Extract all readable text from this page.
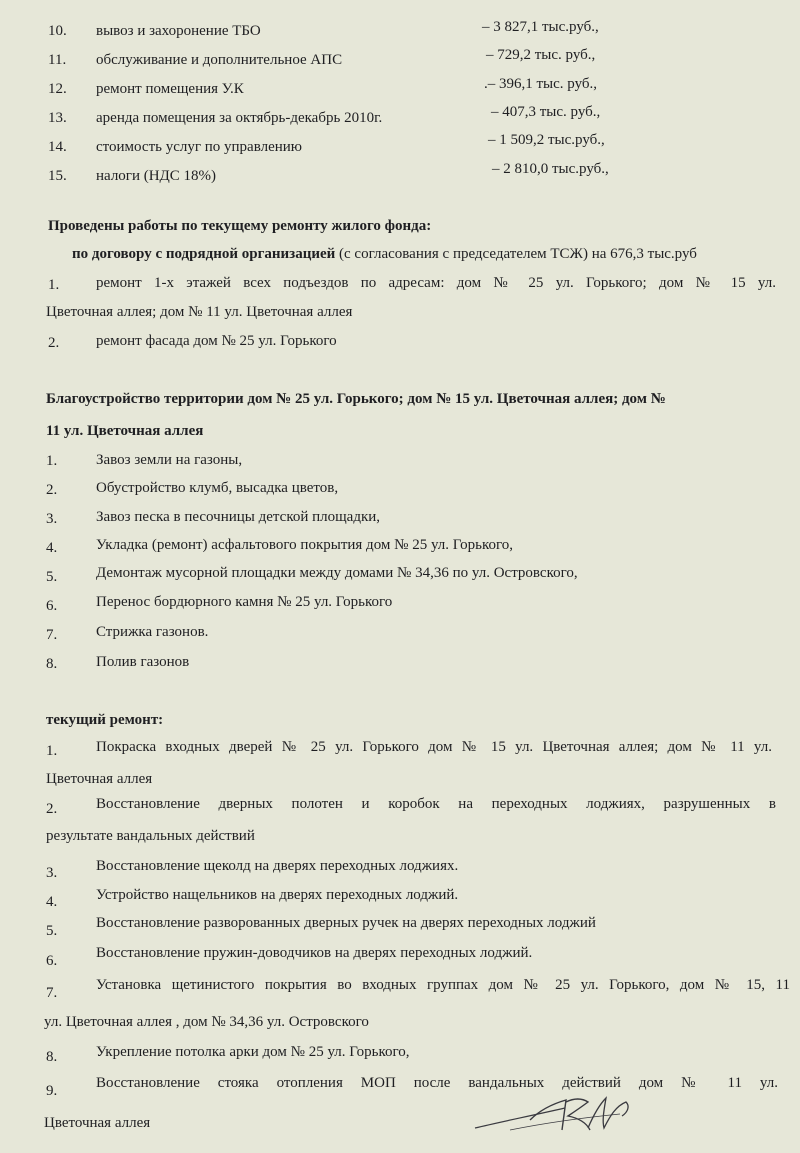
10. вывоз и захоронение ТБО	– 3 827,1 тыс.руб.,
11. обслуживание и дополнительное АПС	– 729,2 тыс. руб.,
12. ремонт помещения У.К	.– 396,1 тыс. руб.,
13. аренда помещения за октябрь-декабрь 2010г.	– 407,3 тыс. руб.,
14. стоимость услуг по управлению	– 1 509,2 тыс.руб.,
15. налоги (НДС 18%)	– 2 810,0 тыс.руб.,
Проведены работы по текущему ремонту жилого фонда:
по договору с подрядной организацией (с согласования с председателем ТСЖ) на 676,3 тыс.руб
1. ремонт 1-х этажей всех подъездов по адресам: дом № 25 ул. Горького; дом № 15 ул.
Цветочная аллея; дом № 11 ул. Цветочная аллея
2. ремонт фасада дом № 25 ул. Горького
Благоустройство территории дом № 25 ул. Горького; дом № 15 ул. Цветочная аллея; дом №
11 ул. Цветочная аллея
1.	Завоз земли на газоны,
2.	Обустройство клумб, высадка цветов,
3.	Завоз песка в песочницы детской площадки,
4.	Укладка (ремонт) асфальтового покрытия дом № 25 ул. Горького,
5.	Демонтаж мусорной площадки между домами № 34,36 по ул. Островского,
6.	Перенос бордюрного камня № 25 ул. Горького
7.	Стрижка газонов.
8.	Полив газонов
текущий ремонт:
1.	Покраска входных дверей № 25 ул. Горького дом № 15 ул. Цветочная аллея; дом № 11 ул.
Цветочная аллея
2.	Восстановление дверных полотен и коробок на переходных лоджиях, разрушенных в
результате вандальных действий
3.	Восстановление щеколд на дверях переходных лоджиях.
4.	Устройство нащельников на дверях переходных лоджий.
5.	Восстановление разворованных дверных ручек на дверях переходных лоджий
6.	Восстановление пружин-доводчиков на дверях переходных лоджий.
7.	Установка щетинистого покрытия во входных группах дом № 25 ул. Горького, дом № 15, 11
ул. Цветочная аллея , дом № 34,36 ул. Островского
8.	Укрепление потолка арки дом № 25 ул. Горького,
9.	Восстановление стояка отопления МОП после вандальных действий дом № 11 ул.
Цветочная аллея
